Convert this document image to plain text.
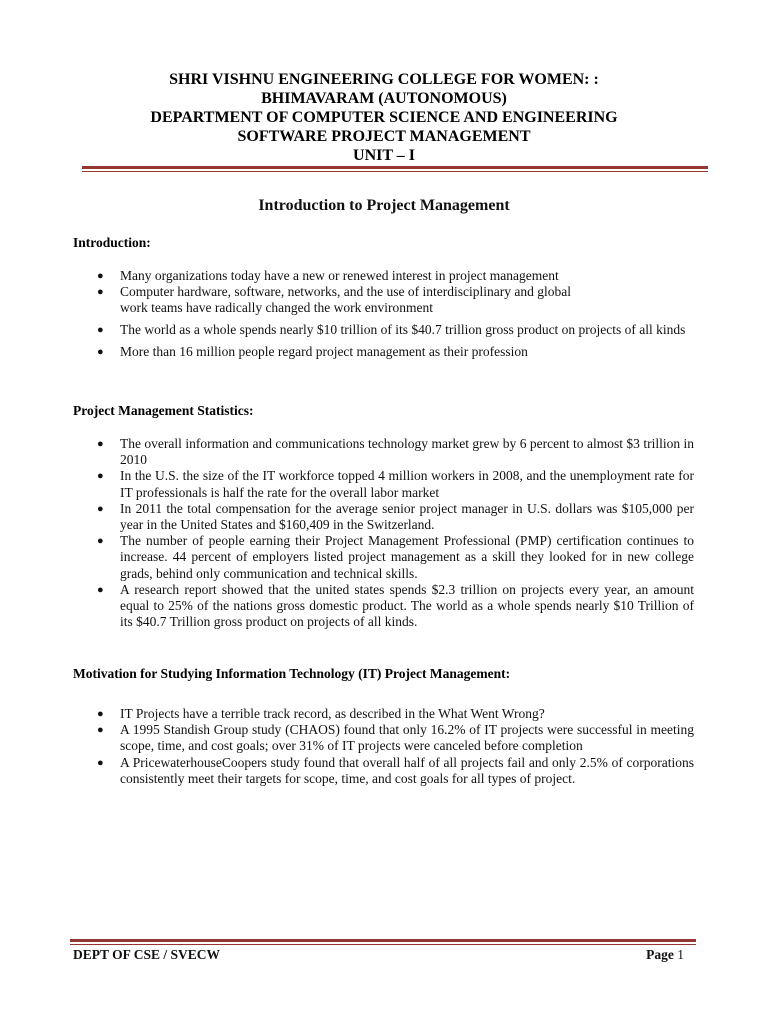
SHRI VISHNU ENGINEERING COLLEGE FOR WOMEN: :
BHIMAVARAM (AUTONOMOUS)
DEPARTMENT OF COMPUTER SCIENCE AND ENGINEERING
SOFTWARE PROJECT MANAGEMENT
UNIT – I
Introduction to Project Management
Introduction:
● Many organizations today have a new or renewed interest in project management
● Computer hardware, software, networks, and the use of interdisciplinary and global
work teams have radically changed the work environment
● The world as a whole spends nearly $10 trillion of its $40.7 trillion gross product on projects of all kinds
● More than 16 million people regard project management as their profession
Project Management Statistics:
● The overall information and communications technology market grew by 6 percent to almost $3 trillion in 2010
● In the U.S. the size of the IT workforce topped 4 million workers in 2008, and the unemployment rate for IT professionals is half the rate for the overall labor market
● In 2011 the total compensation for the average senior project manager in U.S. dollars was $105,000 per year in the United States and $160,409 in the Switzerland.
● The number of people earning their Project Management Professional (PMP) certification continues to increase. 44 percent of employers listed project management as a skill they looked for in new college grads, behind only communication and technical skills.
● A research report showed that the united states spends $2.3 trillion on projects every year, an amount equal to 25% of the nations gross domestic product. The world as a whole spends nearly $10 Trillion of its $40.7 Trillion gross product on projects of all kinds.
Motivation for Studying Information Technology (IT) Project Management:
● IT Projects have a terrible track record, as described in the What Went Wrong?
● A 1995 Standish Group study (CHAOS) found that only 16.2% of IT projects were successful in meeting scope, time, and cost goals; over 31% of IT projects were canceled before completion
● A PricewaterhouseCoopers study found that overall half of all projects fail and only 2.5% of corporations consistently meet their targets for scope, time, and cost goals for all types of project.
DEPT OF CSE / SVECW	Page 1
